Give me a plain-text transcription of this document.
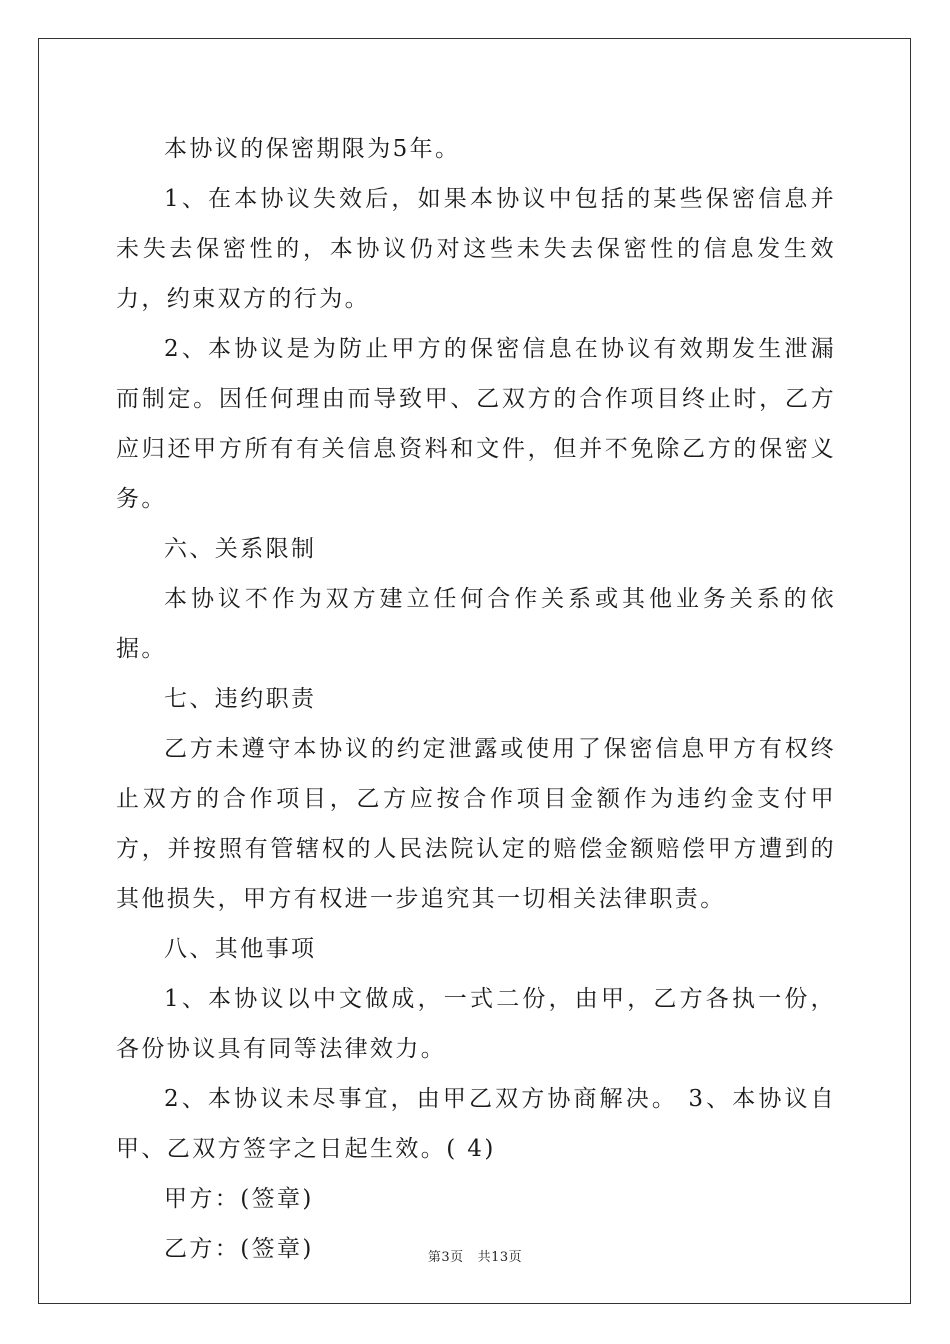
本协议的保密期限为5年。

1、在本协议失效后，如果本协议中包括的某些保密信息并未失去保密性的，本协议仍对这些未失去保密性的信息发生效力，约束双方的行为。

2、本协议是为防止甲方的保密信息在协议有效期发生泄漏而制定。因任何理由而导致甲、乙双方的合作项目终止时，乙方应归还甲方所有有关信息资料和文件，但并不免除乙方的保密义务。

六、关系限制

本协议不作为双方建立任何合作关系或其他业务关系的依据。

七、违约职责

乙方未遵守本协议的约定泄露或使用了保密信息甲方有权终止双方的合作项目，乙方应按合作项目金额作为违约金支付甲方，并按照有管辖权的人民法院认定的赔偿金额赔偿甲方遭到的其他损失，甲方有权进一步追究其一切相关法律职责。

八、其他事项

1、本协议以中文做成，一式二份，由甲，乙方各执一份，各份协议具有同等法律效力。

2、本协议未尽事宜，由甲乙双方协商解决。 3、本协议自甲、乙双方签字之日起生效。( 4)

甲方：(签章)

乙方：(签章)	第3页 共13页
